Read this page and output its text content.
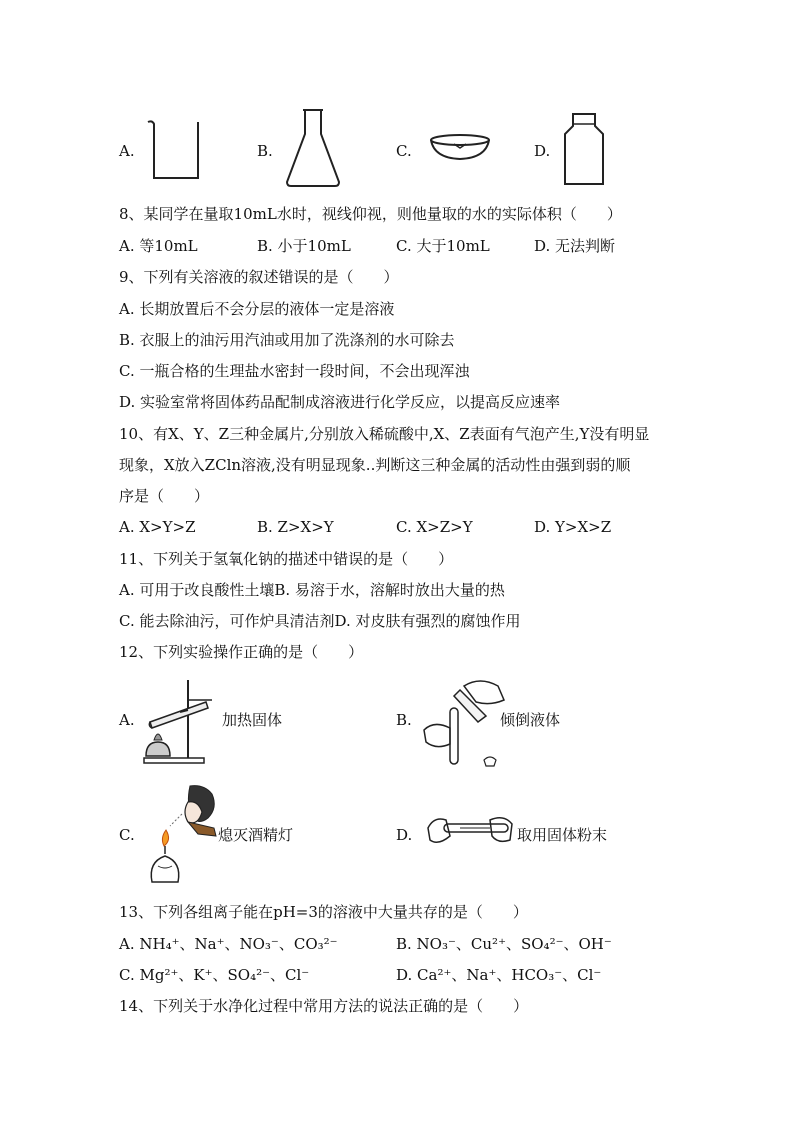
A.	B.	C.	D.
8、某同学在量取10mL水时，视线仰视，则他量取的水的实际体积（　　）
A. 等10mL	B. 小于10mL	C. 大于10mL	D. 无法判断
9、下列有关溶液的叙述错误的是（　　）
A. 长期放置后不会分层的液体一定是溶液
B. 衣服上的油污用汽油或用加了洗涤剂的水可除去
C. 一瓶合格的生理盐水密封一段时间，不会出现浑浊
D. 实验室常将固体药品配制成溶液进行化学反应，以提高反应速率
10、有X、Y、Z三种金属片,分别放入稀硫酸中,X、Z表面有气泡产生,Y没有明显
现象，X放入ZCln溶液,没有明显现象..判断这三种金属的活动性由强到弱的顺
序是（　　）
A. X>Y>Z	B. Z>X>Y	C. X>Z>Y	D. Y>X>Z
11、下列关于氢氧化钠的描述中错误的是（　　）
A. 可用于改良酸性土壤B. 易溶于水，溶解时放出大量的热
C. 能去除油污，可作炉具清洁剂D. 对皮肤有强烈的腐蚀作用
12、下列实验操作正确的是（　　）
A.	加热固体	B.	倾倒液体
C.	熄灭酒精灯	D.	取用固体粉末
13、下列各组离子能在pH=3的溶液中大量共存的是（　　）
A. NH₄⁺、Na⁺、NO₃⁻、CO₃²⁻	B. NO₃⁻、Cu²⁺、SO₄²⁻、OH⁻
C. Mg²⁺、K⁺、SO₄²⁻、Cl⁻	D. Ca²⁺、Na⁺、HCO₃⁻、Cl⁻
14、下列关于水净化过程中常用方法的说法正确的是（　　）
